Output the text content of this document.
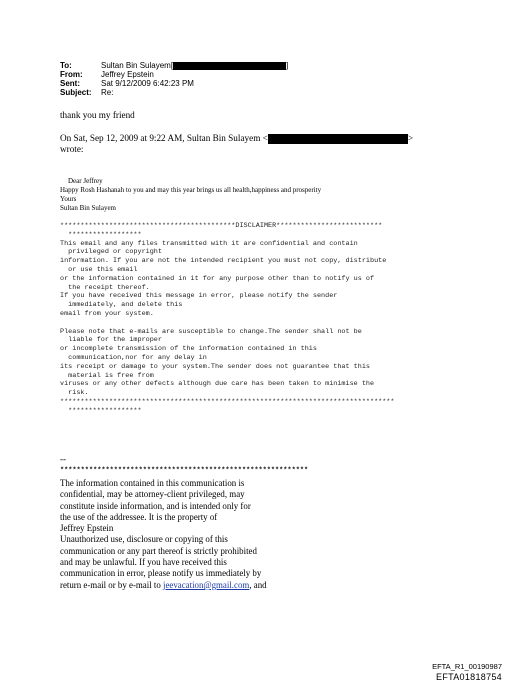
To:	Sultan Bin Sulayem[	]
From: Jeffrey Epstein
Sent:	Sat 9/12/2009 6:42:23 PM
Subject: Re:
thank you my friend
On Sat, Sep 12, 2009 at 9:22 AM, Sultan Bin Sulayem <	>
wrote:
Dear Jeffrey
Happy Rosh Hashanah to you and may this year brings us all health,happiness and prosperity
Yours
Sultan Bin Sulayem
*******************************************DISCLAIMER**************************
******************
This email and any files transmitted with it are confidential and contain
privileged or copyright
information. If you are not the intended recipient you must not copy, distribute
or use this email
or the information contained in it for any purpose other than to notify us of
the receipt thereof.
If you have received this message in error, please notify the sender
immediately, and delete this
email from your system.

Please note that e-mails are susceptible to change.The sender shall not be
liable for the improper
or incomplete transmission of the information contained in this
communication,nor for any delay in
its receipt or damage to your system.The sender does not guarantee that this
material is free from
viruses or any other defects although due care has been taken to minimise the
risk.
**********************************************************************************
******************
--
************************************************************
The information contained in this communication is
confidential, may be attorney-client privileged, may
constitute inside information, and is intended only for
the use of the addressee. It is the property of
Jeffrey Epstein
Unauthorized use, disclosure or copying of this
communication or any part thereof is strictly prohibited
and may be unlawful. If you have received this
communication in error, please notify us immediately by
return e-mail or by e-mail to jeevacation@gmail.com, and
EFTA_R1_00190987
EFTA01818754
